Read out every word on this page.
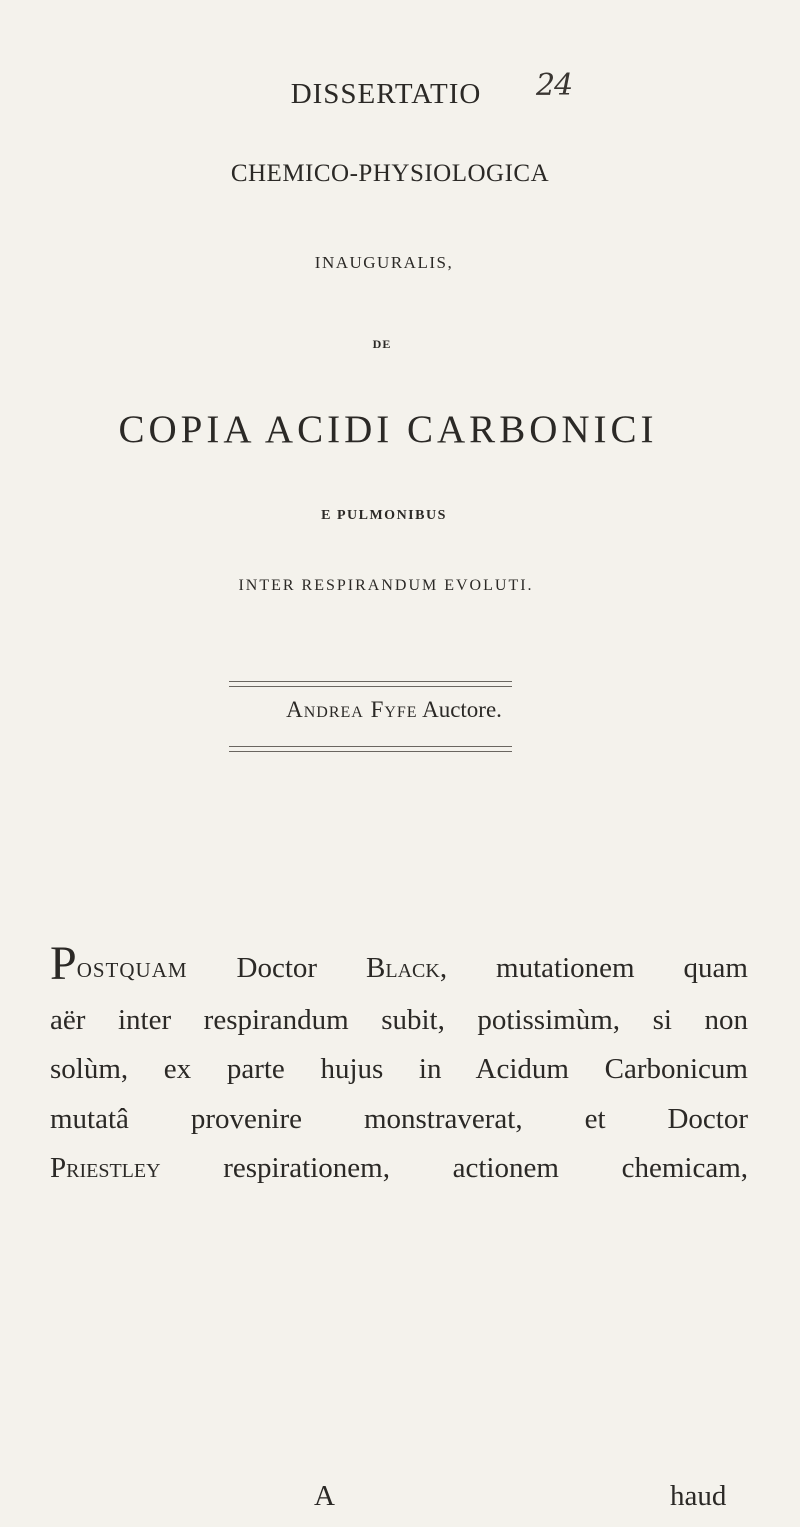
24
DISSERTATIO
CHEMICO-PHYSIOLOGICA
INAUGURALIS,
DE
COPIA ACIDI CARBONICI
E PULMONIBUS
INTER RESPIRANDUM EVOLUTI.
Andrea Fyfe Auctore.

POSTQUAM Doctor Black, mutationem quam

aër inter respirandum subit, potissimùm, si non

solùm, ex parte hujus in Acidum Carbonicum

mutatâ provenire monstraverat, et Doctor

Priestley respirationem, actionem chemicam,

A	haud
